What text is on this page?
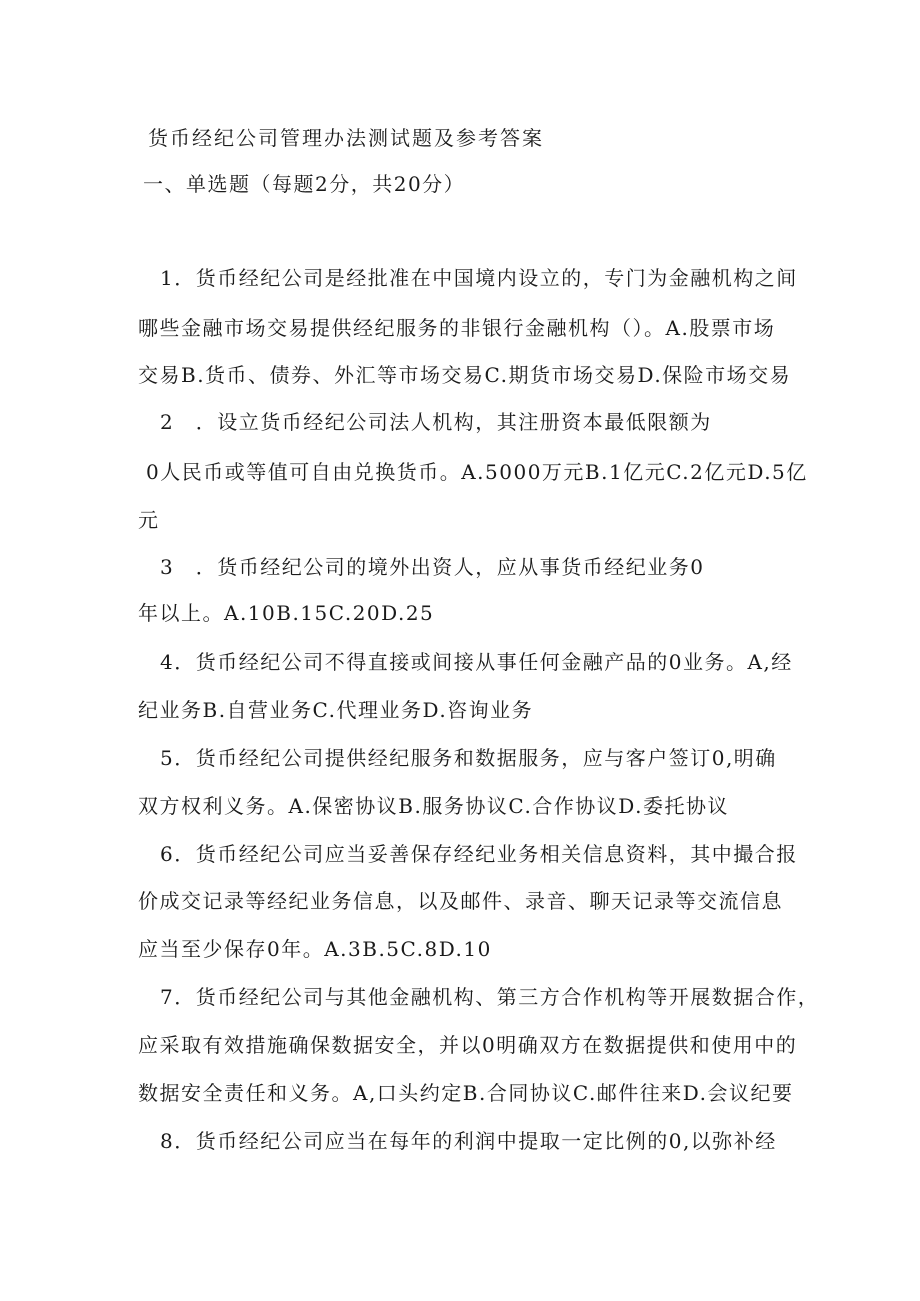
货币经纪公司管理办法测试题及参考答案
一、单选题（每题2分，共20分）
1．货币经纪公司是经批准在中国境内设立的，专门为金融机构之间
哪些金融市场交易提供经纪服务的非银行金融机构（）。A.股票市场
交易B.货币、债券、外汇等市场交易C.期货市场交易D.保险市场交易
2　．设立货币经纪公司法人机构，其注册资本最低限额为
0人民币或等值可自由兑换货币。A.5000万元B.1亿元C.2亿元D.5亿
元
3　．货币经纪公司的境外出资人，应从事货币经纪业务0
年以上。A.10B.15C.20D.25
4．货币经纪公司不得直接或间接从事任何金融产品的0业务。A,经
纪业务B.自营业务C.代理业务D.咨询业务
5．货币经纪公司提供经纪服务和数据服务，应与客户签订0,明确
双方权利义务。A.保密协议B.服务协议C.合作协议D.委托协议
6．货币经纪公司应当妥善保存经纪业务相关信息资料，其中撮合报
价成交记录等经纪业务信息，以及邮件、录音、聊天记录等交流信息
应当至少保存0年。A.3B.5C.8D.10
7．货币经纪公司与其他金融机构、第三方合作机构等开展数据合作，
应采取有效措施确保数据安全，并以0明确双方在数据提供和使用中的
数据安全责任和义务。A,口头约定B.合同协议C.邮件往来D.会议纪要
8．货币经纪公司应当在每年的利润中提取一定比例的0,以弥补经
